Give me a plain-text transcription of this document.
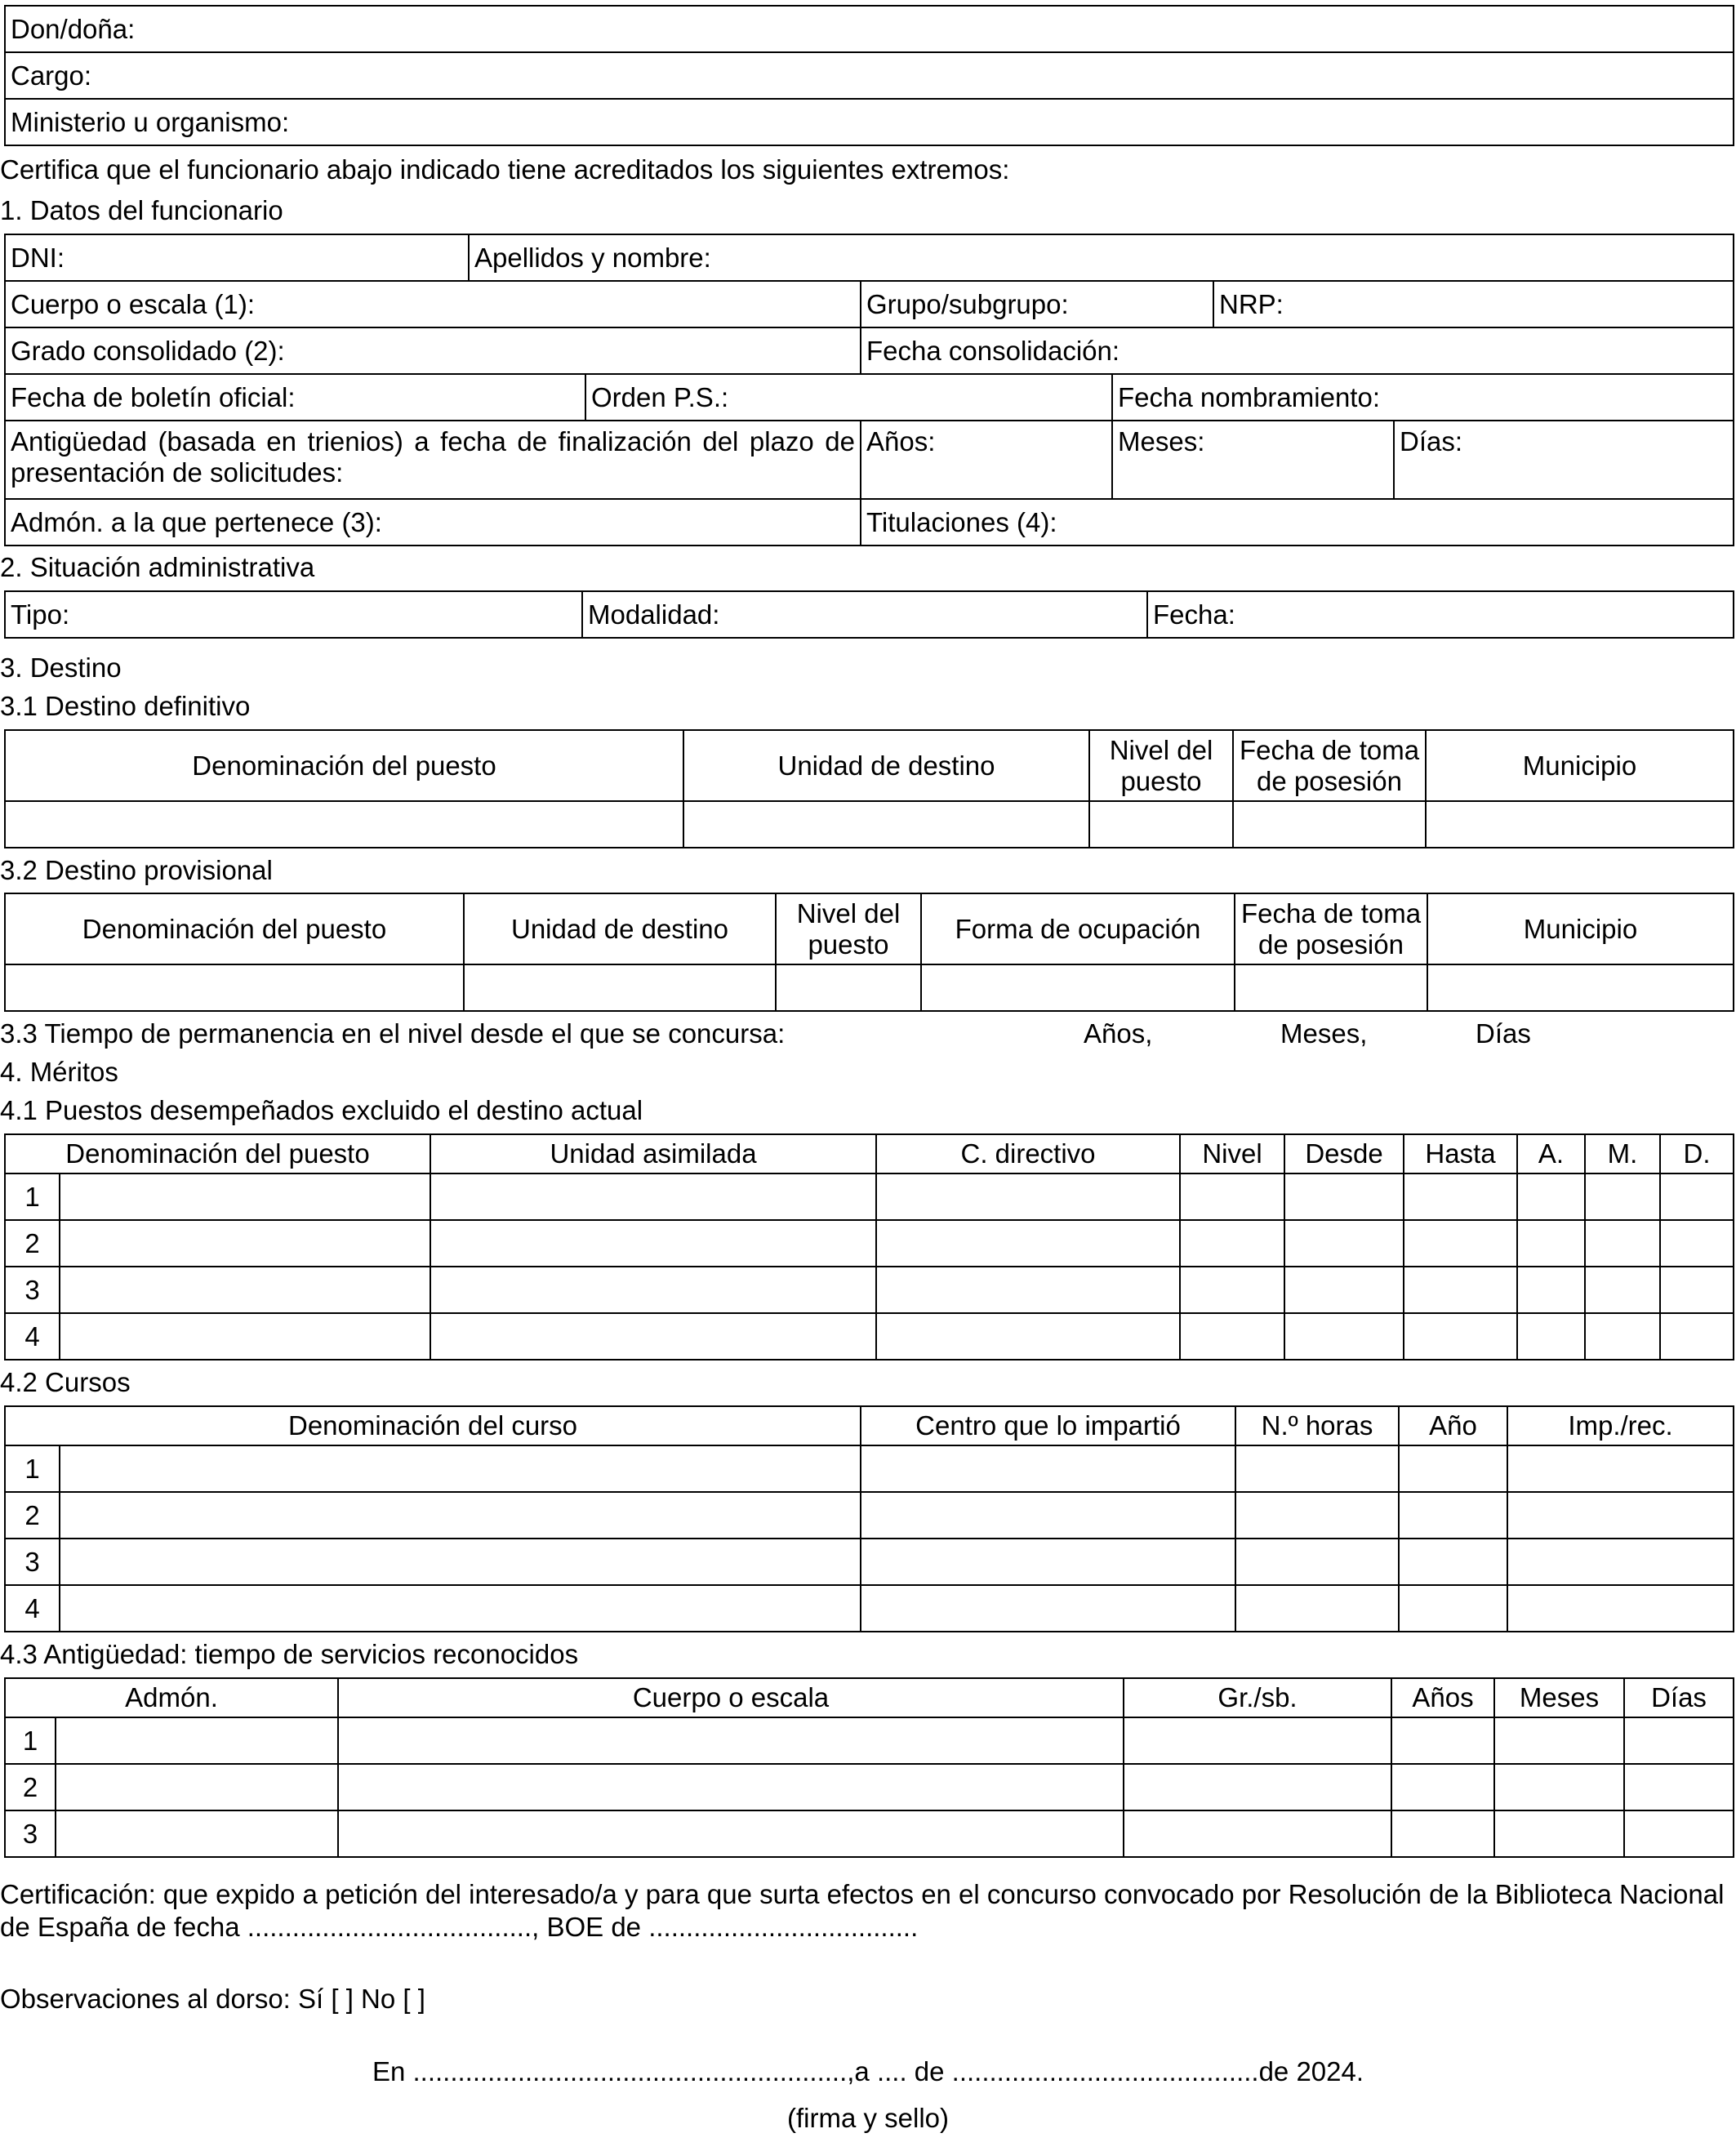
Don/doña:
Cargo:
Ministerio u organismo:
Certifica que el funcionario abajo indicado tiene acreditados los siguientes extremos:
1. Datos del funcionario
DNI:	Apellidos y nombre:
Cuerpo o escala (1):	Grupo/subgrupo:	NRP:
Grado consolidado (2):	Fecha consolidación:
Fecha de boletín oficial:	Orden P.S.:	Fecha nombramiento:
Antigüedad (basada en trienios) a fecha de finalización del plazo de presentación de solicitudes:	Años:	Meses:	Días:
Admón. a la que pertenece (3):	Titulaciones (4):
2. Situación administrativa
Tipo:	Modalidad:	Fecha:
3. Destino
3.1 Destino definitivo
Denominación del puesto	Unidad de destino	Nivel del puesto	Fecha de toma de posesión	Municipio

3.2 Destino provisional
Denominación del puesto	Unidad de destino	Nivel del puesto	Forma de ocupación	Fecha de toma de posesión	Municipio

3.3 Tiempo de permanencia en el nivel desde el que se concursa:	Años,	Meses,	Días
4. Méritos
4.1 Puestos desempeñados excluido el destino actual
Denominación del puesto		Unidad asimilada	C. directivo	Nivel	Desde	Hasta	A.	M.	D.
1									
2									
3									
4									
4.2 Cursos
Denominación del curso		Centro que lo impartió	N.º horas	Año	Imp./rec.
1					
2					
3					
4					
4.3 Antigüedad: tiempo de servicios reconocidos
Admón.		Cuerpo o escala	Gr./sb.	Años	Meses	Días
1						
2						
3						
Certificación: que expido a petición del interesado/a y para que surta efectos en el concurso convocado por Resolución de la Biblioteca Nacional de España de fecha ......................................, BOE de ....................................
Observaciones al dorso: Sí [ ] No [ ]
En ..........................................................,a .... de .........................................de 2024.
(firma y sello)
